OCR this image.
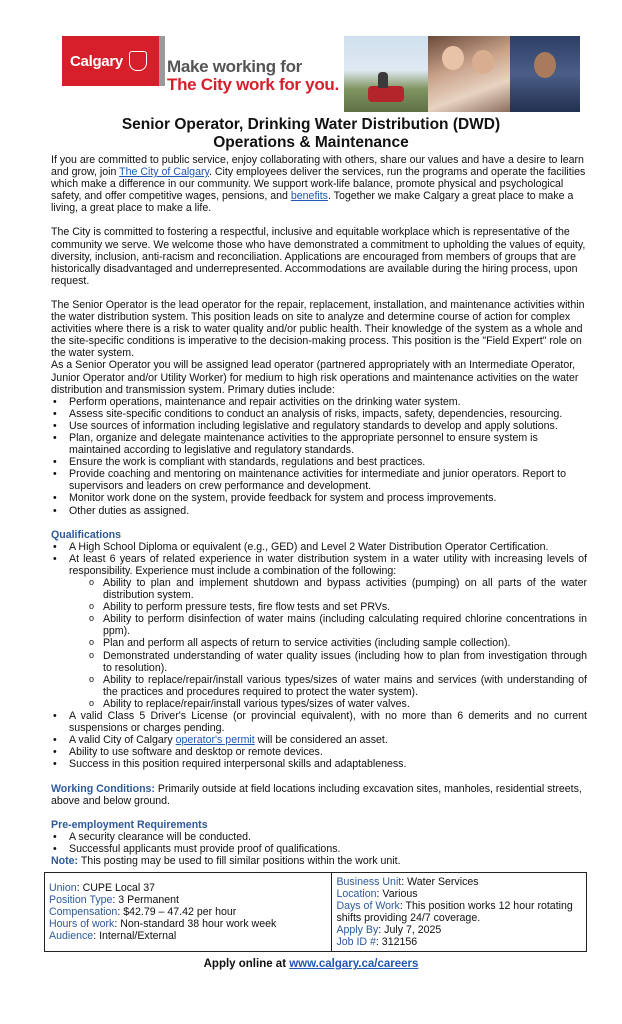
Calgary	Make working for
The City work for you.
Senior Operator, Drinking Water Distribution (DWD)
Operations & Maintenance

If you are committed to public service, enjoy collaborating with others, share our values and have a desire to learn and grow, join The City of Calgary. City employees deliver the services, run the programs and operate the facilities which make a difference in our community. We support work-life balance, promote physical and psychological safety, and offer competitive wages, pensions, and benefits. Together we make Calgary a great place to make a living, a great place to make a life.

The City is committed to fostering a respectful, inclusive and equitable workplace which is representative of the community we serve. We welcome those who have demonstrated a commitment to upholding the values of equity, diversity, inclusion, anti-racism and reconciliation. Applications are encouraged from members of groups that are historically disadvantaged and underrepresented. Accommodations are available during the hiring process, upon request.

The Senior Operator is the lead operator for the repair, replacement, installation, and maintenance activities within the water distribution system. This position leads on site to analyze and determine course of action for complex activities where there is a risk to water quality and/or public health. Their knowledge of the system as a whole and the site-specific conditions is imperative to the decision-making process. This position is the "Field Expert" role on the water system.

As a Senior Operator you will be assigned lead operator (partnered appropriately with an Intermediate Operator, Junior Operator and/or Utility Worker) for medium to high risk operations and maintenance activities on the water distribution and transmission system. Primary duties include:

• Perform operations, maintenance and repair activities on the drinking water system.
• Assess site-specific conditions to conduct an analysis of risks, impacts, safety, dependencies, resourcing.
• Use sources of information including legislative and regulatory standards to develop and apply solutions.
• Plan, organize and delegate maintenance activities to the appropriate personnel to ensure system is maintained according to legislative and regulatory standards.
• Ensure the work is compliant with standards, regulations and best practices.
• Provide coaching and mentoring on maintenance activities for intermediate and junior operators. Report to supervisors and leaders on crew performance and development.
• Monitor work done on the system, provide feedback for system and process improvements.
• Other duties as assigned.

Qualifications

• A High School Diploma or equivalent (e.g., GED) and Level 2 Water Distribution Operator Certification.
• At least 6 years of related experience in water distribution system in a water utility with increasing levels of responsibility. Experience must include a combination of the following:
o Ability to plan and implement shutdown and bypass activities (pumping) on all parts of the water distribution system.
o Ability to perform pressure tests, fire flow tests and set PRVs.
o Ability to perform disinfection of water mains (including calculating required chlorine concentrations in ppm).
o Plan and perform all aspects of return to service activities (including sample collection).
o Demonstrated understanding of water quality issues (including how to plan from investigation through to resolution).
o Ability to replace/repair/install various types/sizes of water mains and services (with understanding of the practices and procedures required to protect the water system).
o Ability to replace/repair/install various types/sizes of water valves.
• A valid Class 5 Driver's License (or provincial equivalent), with no more than 6 demerits and no current suspensions or charges pending.
• A valid City of Calgary operator's permit will be considered an asset.
• Ability to use software and desktop or remote devices.
• Success in this position required interpersonal skills and adaptableness.

Working Conditions: Primarily outside at field locations including excavation sites, manholes, residential streets, above and below ground.

Pre-employment Requirements

• A security clearance will be conducted.
• Successful applicants must provide proof of qualifications.

Note: This posting may be used to fill similar positions within the work unit.

Union: CUPE Local 37
Position Type: 3 Permanent
Compensation: $42.79 – 47.42 per hour
Hours of work: Non-standard 38 hour work week
Audience: Internal/External
Business Unit: Water Services
Location: Various
Days of Work: This position works 12 hour rotating shifts providing 24/7 coverage.
Apply By: July 7, 2025
Job ID #: 312156
Apply online at www.calgary.ca/careers
